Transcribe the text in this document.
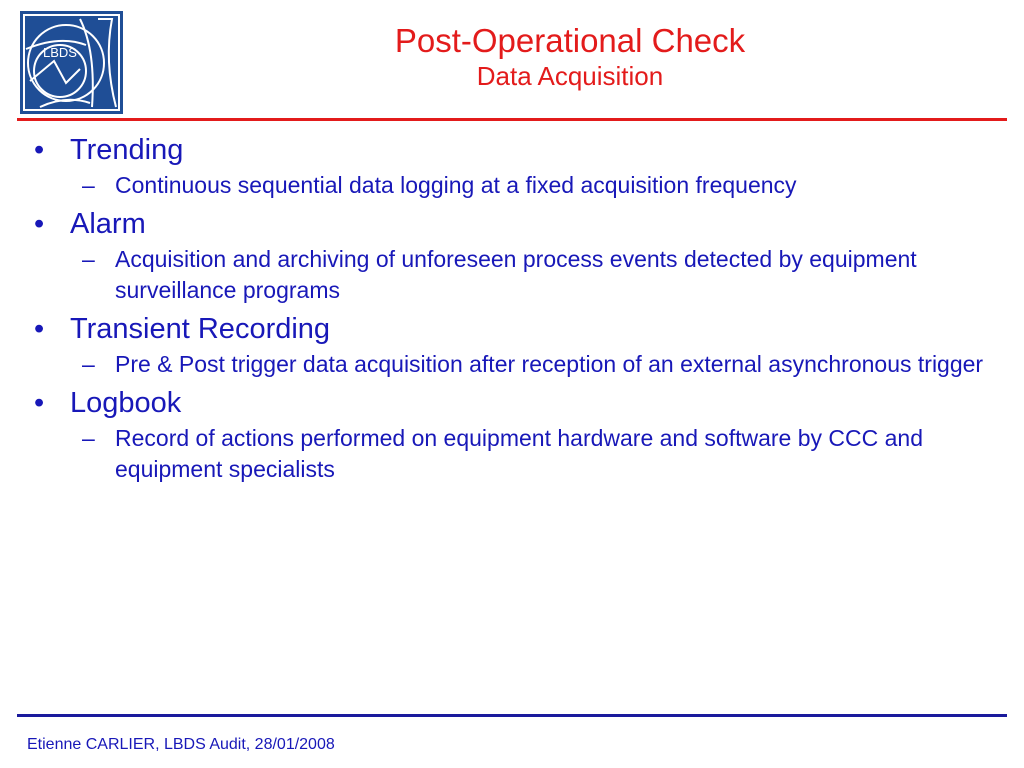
LBDS	Post-Operational Check
Data Acquisition
• Trending
– Continuous sequential data logging at a fixed acquisition frequency
• Alarm
– Acquisition and archiving of unforeseen process events detected by equipment surveillance programs
• Transient Recording
– Pre & Post trigger data acquisition after reception of an external asynchronous trigger
• Logbook
– Record of actions performed on equipment hardware and software by CCC and equipment specialists
Etienne CARLIER, LBDS Audit, 28/01/2008
